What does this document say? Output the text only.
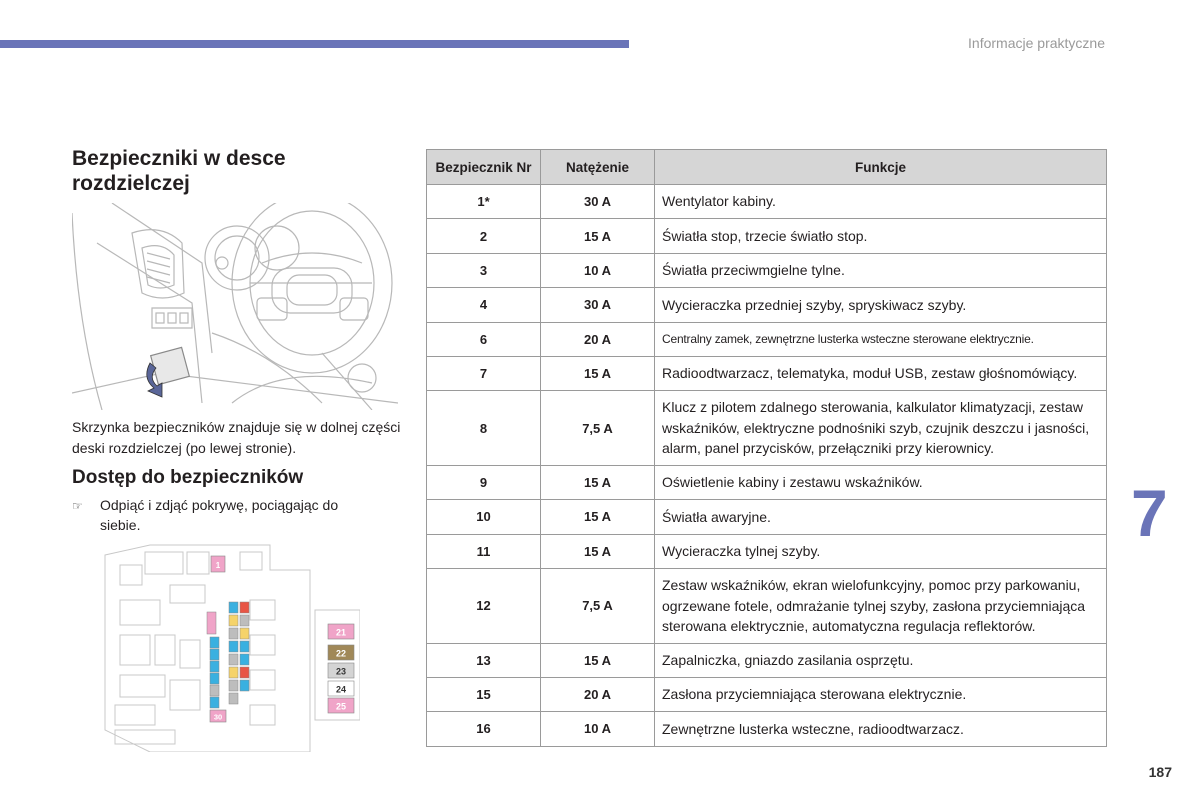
Informacje praktyczne
7
187
Bezpieczniki w desce rozdzielczej

Skrzynka bezpieczników znajduje się w dolnej części deski rozdzielczej (po lewej stronie).

Dostęp do bezpieczników
☞	Odpiąć i zdjąć pokrywę, pociągając do siebie.
1
30
21
22
23
24
25
Bezpiecznik Nr	Natężenie	Funkcje
1*	30 A	Wentylator kabiny.
2	15 A	Światła stop, trzecie światło stop.
3	10 A	Światła przeciwmgielne tylne.
4	30 A	Wycieraczka przedniej szyby, spryskiwacz szyby.
6	20 A	Centralny zamek, zewnętrzne lusterka wsteczne sterowane elektrycznie.
7	15 A	Radioodtwarzacz, telematyka, moduł USB, zestaw głośnomówiący.
8	7,5 A	Klucz z pilotem zdalnego sterowania, kalkulator klimatyzacji, zestaw wskaźników, elektryczne podnośniki szyb, czujnik deszczu i jasności, alarm, panel przycisków, przełączniki przy kierownicy.
9	15 A	Oświetlenie kabiny i zestawu wskaźników.
10	15 A	Światła awaryjne.
11	15 A	Wycieraczka tylnej szyby.
12	7,5 A	Zestaw wskaźników, ekran wielofunkcyjny, pomoc przy parkowaniu, ogrzewane fotele, odmrażanie tylnej szyby, zasłona przyciemniająca sterowana elektrycznie, automatyczna regulacja reflektorów.
13	15 A	Zapalniczka, gniazdo zasilania osprzętu.
15	20 A	Zasłona przyciemniająca sterowana elektrycznie.
16	10 A	Zewnętrzne lusterka wsteczne, radioodtwarzacz.
